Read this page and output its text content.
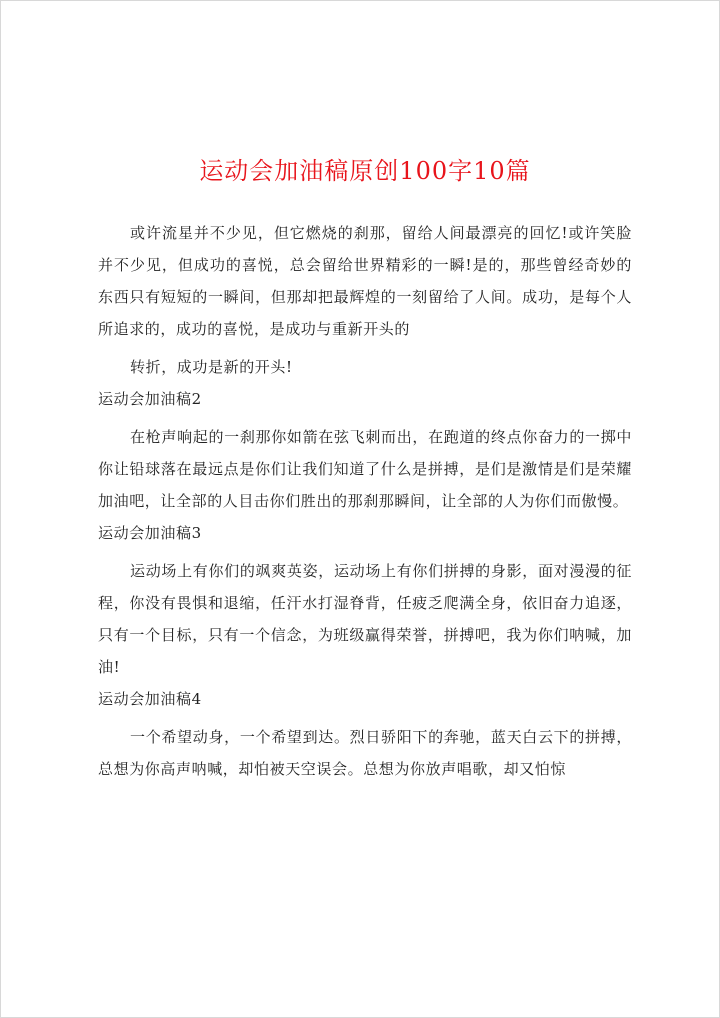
运动会加油稿原创100字10篇

或许流星并不少见，但它燃烧的刹那，留给人间最漂亮的回忆!或许笑脸并不少见，但成功的喜悦，总会留给世界精彩的一瞬!是的，那些曾经奇妙的东西只有短短的一瞬间，但那却把最辉煌的一刻留给了人间。成功，是每个人所追求的，成功的喜悦，是成功与重新开头的

转折，成功是新的开头!

运动会加油稿2

在枪声响起的一刹那你如箭在弦飞刺而出，在跑道的终点你奋力的一掷中你让铅球落在最远点是你们让我们知道了什么是拼搏，是们是激情是们是荣耀加油吧，让全部的人目击你们胜出的那刹那瞬间，让全部的人为你们而傲慢。

运动会加油稿3

运动场上有你们的飒爽英姿，运动场上有你们拼搏的身影，面对漫漫的征程，你没有畏惧和退缩，任汗水打湿脊背，任疲乏爬满全身，依旧奋力追逐，只有一个目标，只有一个信念，为班级赢得荣誉，拼搏吧，我为你们呐喊，加油!

运动会加油稿4

一个希望动身，一个希望到达。烈日骄阳下的奔驰，蓝天白云下的拼搏，总想为你高声呐喊，却怕被天空误会。总想为你放声唱歌，却又怕惊
